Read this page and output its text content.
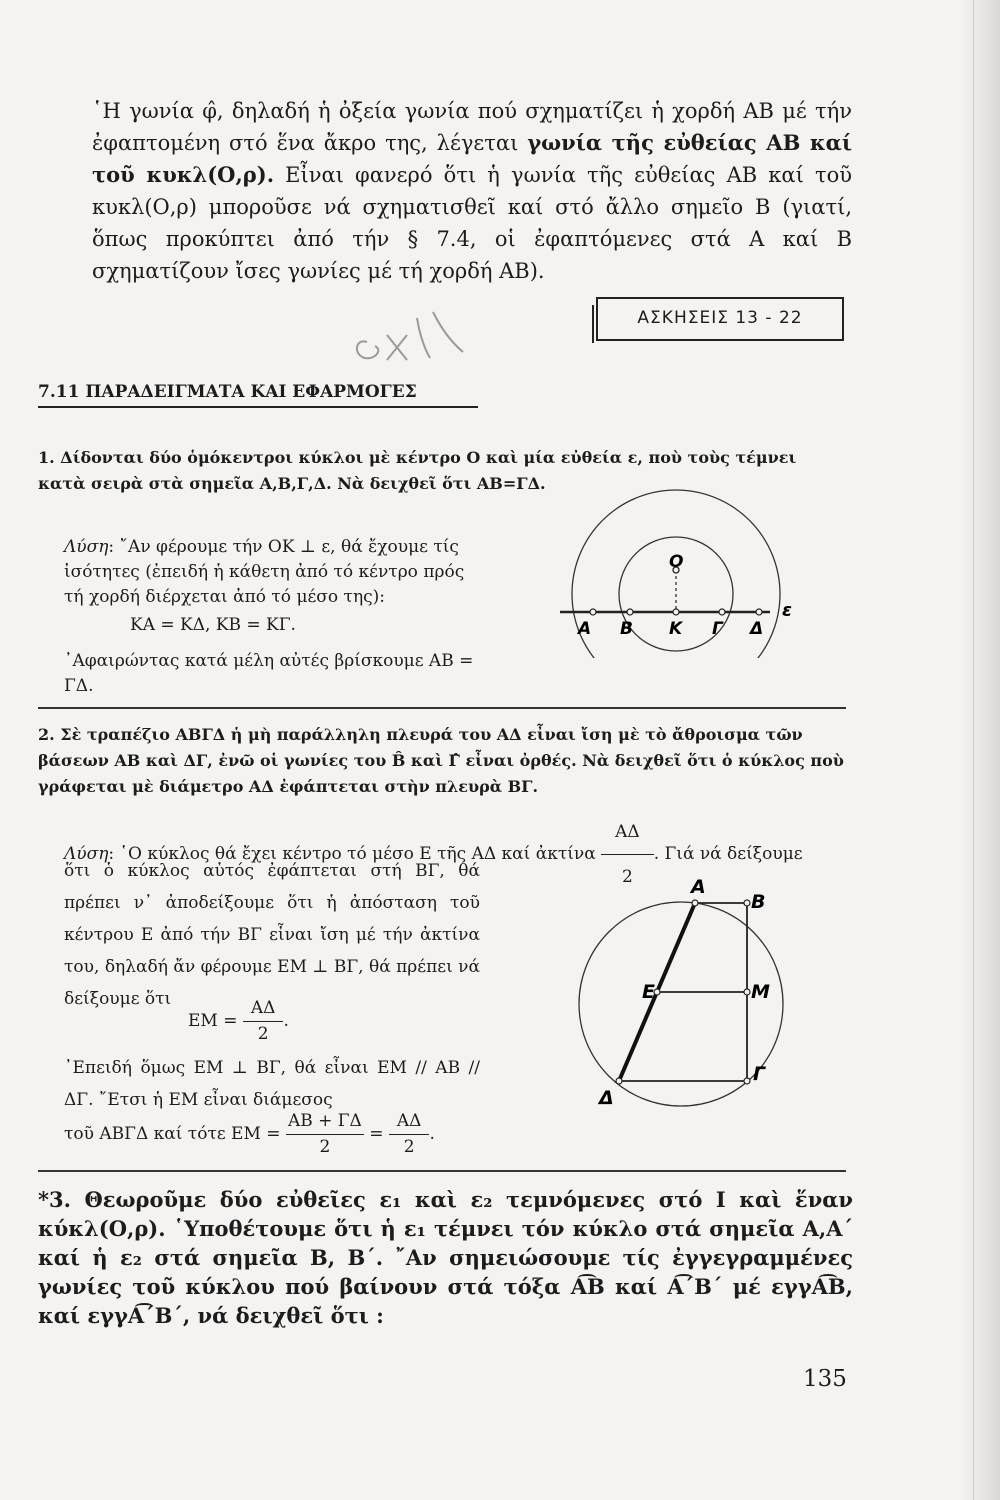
῾Η γωνία φ̂, δηλαδή ἡ ὀξεία γωνία πού σχηματίζει ἡ χορδή ΑΒ μέ τήν ἐφαπτομένη στό ἕνα ἄκρο της, λέγεται γωνία τῆς εὐθείας ΑΒ καί τοῦ κυκλ(Ο,ρ). Εἶναι φανερό ὅτι ἡ γωνία τῆς εὐθείας ΑΒ καί τοῦ κυκλ(Ο,ρ) μποροῦσε νά σχηματισθεῖ καί στό ἄλλο σημεῖο Β (γιατί, ὅπως προκύπτει ἀπό τήν § 7.4, οἱ ἐφαπτόμενες στά Α καί Β σχηματίζουν ἴσες γωνίες μέ τή χορδή ΑΒ).
ΑΣΚΗΣΕΙΣ 13 - 22
7.11 ΠΑΡΑΔΕΙΓΜΑΤΑ ΚΑΙ ΕΦΑΡΜΟΓΕΣ
1. Δίδονται δύο ὁμόκεντροι κύκλοι μὲ κέντρο Ο καὶ μία εὐθεία ε, ποὺ τοὺς τέμνει κατὰ σειρὰ στὰ σημεῖα Α,Β,Γ,Δ. Νὰ δειχθεῖ ὅτι ΑΒ=ΓΔ.
Λύση: ῎Αν φέρουμε τήν ΟΚ ⊥ ε, θά ἔχουμε τίς ἰσότητες (ἐπειδή ἡ κάθετη ἀπό τό κέντρο πρός τή χορδή διέρχεται ἀπό τό μέσο της):
ΚΑ = ΚΔ, ΚΒ = ΚΓ.
᾿Αφαιρώντας κατά μέλη αὐτές βρίσκουμε ΑΒ = ΓΔ.
O
A B K Γ Δ
ε
2. Σὲ τραπέζιο ΑΒΓΔ ἡ μὴ παράλληλη πλευρά του ΑΔ εἶναι ἴση μὲ τὸ ἄθροισμα τῶν βάσεων ΑΒ καὶ ΔΓ, ἐνῶ οἱ γωνίες του B̂ καὶ Γ̂ εἶναι ὀρθές. Νὰ δειχθεῖ ὅτι ὁ κύκλος ποὺ γράφεται μὲ διάμετρο ΑΔ ἐφάπτεται στὴν πλευρὰ ΒΓ.
Λύση: ῾Ο κύκλος θά ἔχει κέντρο τό μέσο Ε τῆς ΑΔ καί ἀκτίνα $\frac{A\Delta}{2}$ . Γιά νά δείξουμε
ὅτι ὁ κύκλος αὐτός ἐφάπτεται στή ΒΓ, θά πρέπει ν᾿ ἀποδείξουμε ὅτι ἡ ἀπόσταση τοῦ κέντρου Ε ἀπό τήν ΒΓ εἶναι ἴση μέ τήν ἀκτίνα του, δηλαδή ἄν φέρουμε ΕΜ ⊥ ΒΓ, θά πρέπει νά δείξουμε ὅτι
$EM = \frac{A\Delta}{2}$ .
᾿Επειδή ὅμως ΕΜ ⊥ ΒΓ, θά εἶναι ΕΜ // ΑΒ // ΔΓ. ῎Ετσι ἡ ΕΜ εἶναι διάμεσος
τοῦ ΑΒΓΔ καί τότε $EM = \frac{AB + \Gamma\Delta}{2} = \frac{A\Delta}{2}$ .
A
B
E	M
Δ
Γ
*3. Θεωροῦμε δύο εὐθεῖες ε₁ καὶ ε₂ τεμνόμενες στό Ι καὶ ἕναν κύκλ(Ο,ρ). ῾Υποθέτουμε ὅτι ἡ ε₁ τέμνει τόν κύκλο στά σημεῖα Α,Α΄ καί ἡ ε₂ στά σημεῖα Β, Β΄. ῎Αν σημειώσουμε τίς ἐγγεγραμμένες γωνίες τοῦ κύκλου πού βαίνουν στά τόξα Α͡Β καί Α͡΄Β΄ μέ εγγΑ͡Β, καί εγγΑ͡΄Β΄, νά δειχθεῖ ὅτι :
135
